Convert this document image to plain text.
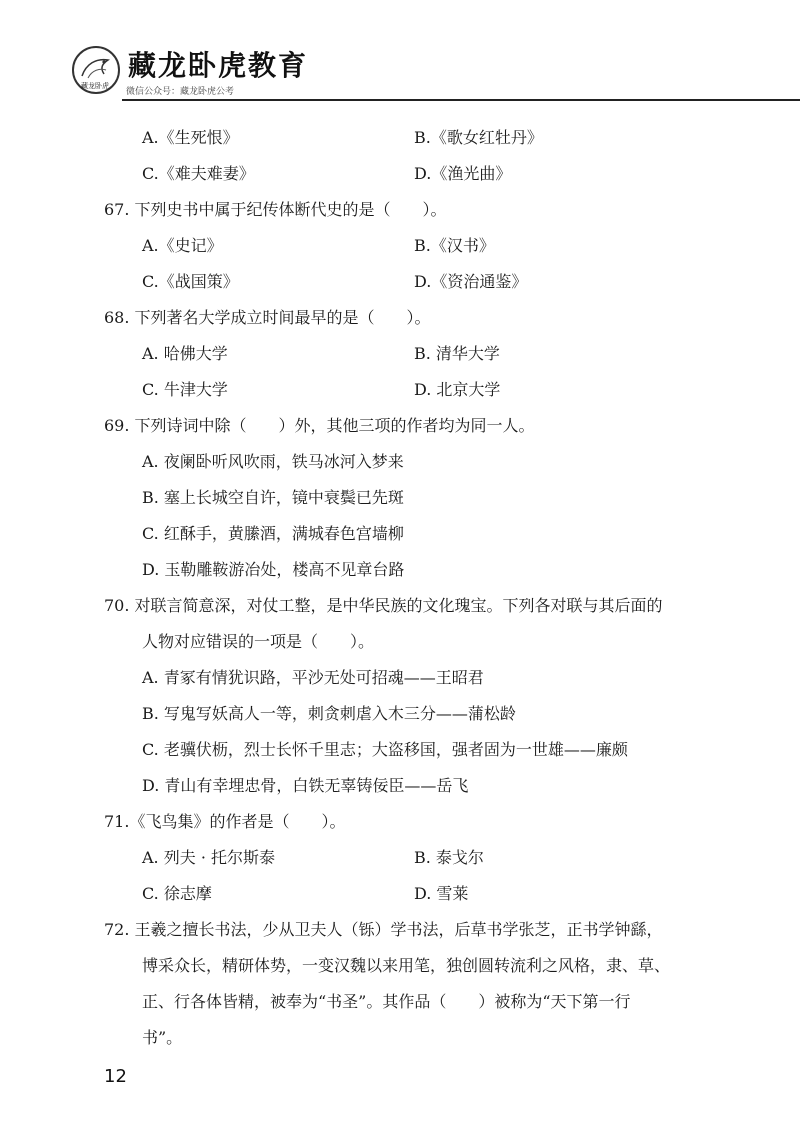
藏龙卧虎
藏龙卧虎教育
微信公众号：藏龙卧虎公考
A.《生死恨》	B.《歌女红牡丹》
C.《难夫难妻》	D.《渔光曲》
67. 下列史书中属于纪传体断代史的是（　　）。
A.《史记》	B.《汉书》
C.《战国策》	D.《资治通鉴》
68. 下列著名大学成立时间最早的是（　　）。
A. 哈佛大学	B. 清华大学
C. 牛津大学	D. 北京大学
69. 下列诗词中除（　　）外，其他三项的作者均为同一人。
A. 夜阑卧听风吹雨，铁马冰河入梦来
B. 塞上长城空自许，镜中衰鬓已先斑
C. 红酥手，黄縢酒，满城春色宫墙柳
D. 玉勒雕鞍游冶处，楼高不见章台路
70. 对联言简意深，对仗工整，是中华民族的文化瑰宝。下列各对联与其后面的
人物对应错误的一项是（　　）。
A. 青冢有情犹识路，平沙无处可招魂——王昭君
B. 写鬼写妖高人一等，刺贪刺虐入木三分——蒲松龄
C. 老骥伏枥，烈士长怀千里志；大盗移国，强者固为一世雄——廉颇
D. 青山有幸埋忠骨，白铁无辜铸佞臣——岳飞
71.《飞鸟集》的作者是（　　）。
A. 列夫 · 托尔斯泰	B. 泰戈尔
C. 徐志摩	D. 雪莱
72. 王羲之擅长书法，少从卫夫人（铄）学书法，后草书学张芝，正书学钟繇，
博采众长，精研体势，一变汉魏以来用笔，独创圆转流利之风格，隶、草、
正、行各体皆精，被奉为“书圣”。其作品（　　）被称为“天下第一行
书”。
12
